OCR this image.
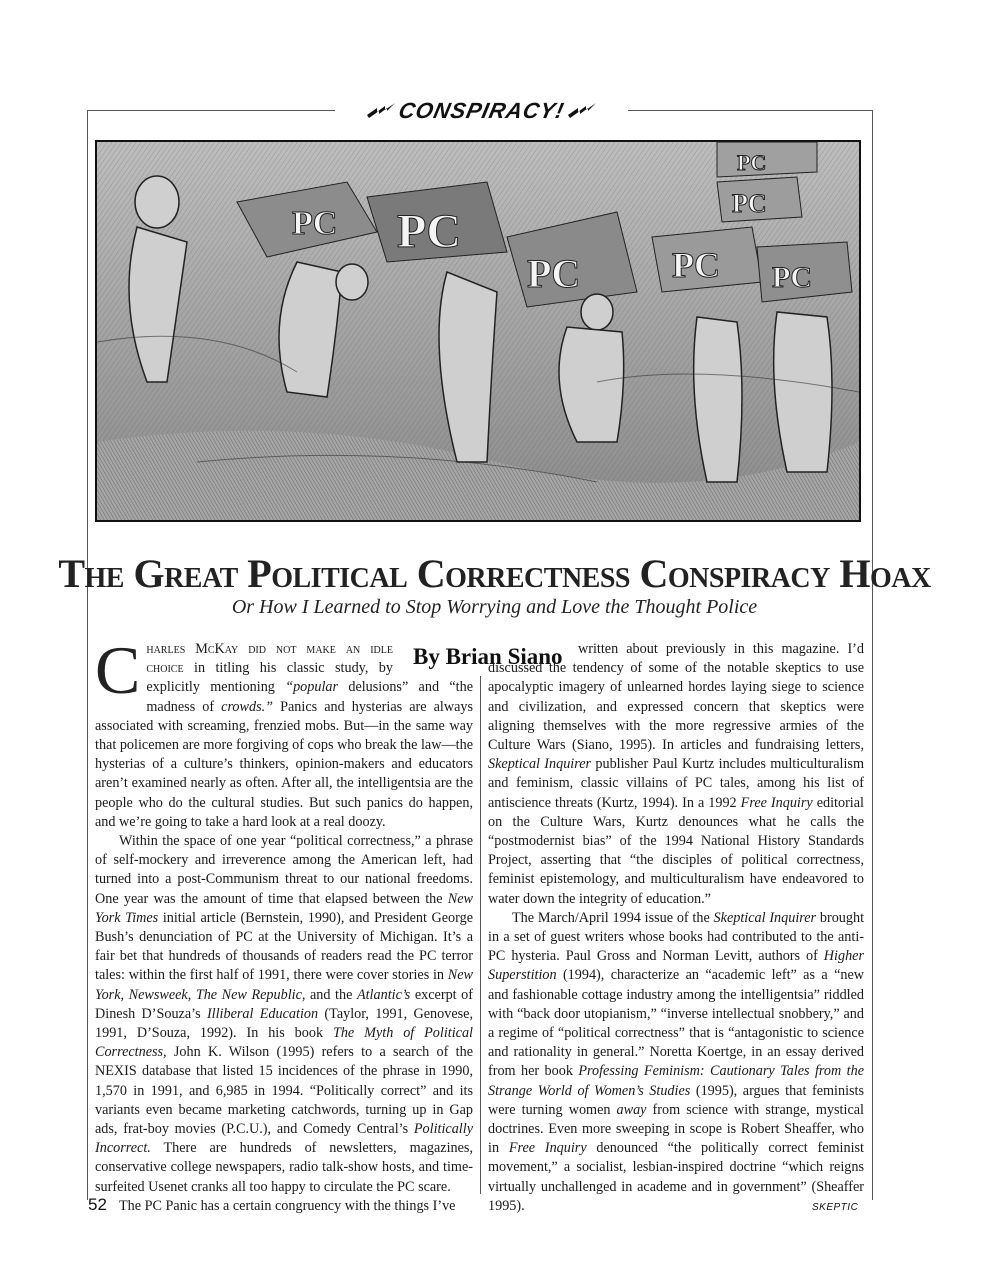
CONSPIRACY!
PC PC
PC	PC PC
PC
PC
The Great Political Correctness Conspiracy Hoax
Or How I Learned to Stop Worrying and Love the Thought Police
By Brian Siano

Charles McKay did not make an idle choice in titling his classic study, by explicitly mentioning “popular delusions” and “the madness of crowds.” Panics and hysterias are always associated with screaming, frenzied mobs. But—in the same way that policemen are more forgiving of cops who break the law—the hysterias of a culture’s thinkers, opinion-makers and educators aren’t examined nearly as often. After all, the intelligentsia are the people who do the cultural studies. But such panics do happen, and we’re going to take a hard look at a real doozy.

Within the space of one year “political correctness,” a phrase of self-mockery and irreverence among the American left, had turned into a post-Communism threat to our national freedoms. One year was the amount of time that elapsed between the New York Times initial article (Bernstein, 1990), and President George Bush’s denunciation of PC at the University of Michigan. It’s a fair bet that hundreds of thousands of readers read the PC terror tales: within the first half of 1991, there were cover stories in New York, Newsweek, The New Republic, and the Atlantic’s excerpt of Dinesh D’Souza’s Illiberal Education (Taylor, 1991, Genovese, 1991, D’Souza, 1992). In his book The Myth of Political Correctness, John K. Wilson (1995) refers to a search of the NEXIS database that listed 15 incidences of the phrase in 1990, 1,570 in 1991, and 6,985 in 1994. “Politically correct” and its variants even became marketing catchwords, turning up in Gap ads, frat-boy movies (P.C.U.), and Comedy Central’s Politically Incorrect. There are hundreds of newsletters, magazines, conservative college newspapers, radio talk-show hosts, and time-surfeited Usenet cranks all too happy to circulate the PC scare.

The PC Panic has a certain congruency with the things I’ve

written about previously in this magazine. I’d discussed the tendency of some of the notable skeptics to use apocalyptic imagery of unlearned hordes laying siege to science and civilization, and expressed concern that skeptics were aligning themselves with the more regressive armies of the Culture Wars (Siano, 1995). In articles and fundraising letters, Skeptical Inquirer publisher Paul Kurtz includes multiculturalism and feminism, classic villains of PC tales, among his list of antiscience threats (Kurtz, 1994). In a 1992 Free Inquiry editorial on the Culture Wars, Kurtz denounces what he calls the “postmodernist bias” of the 1994 National History Standards Project, asserting that “the disciples of political correctness, feminist epistemology, and multiculturalism have endeavored to water down the integrity of education.”

The March/April 1994 issue of the Skeptical Inquirer brought in a set of guest writers whose books had contributed to the anti-PC hysteria. Paul Gross and Norman Levitt, authors of Higher Superstition (1994), characterize an “academic left” as a “new and fashionable cottage industry among the intelligentsia” riddled with “back door utopianism,” “inverse intellectual snobbery,” and a regime of “political correctness” that is “antagonistic to science and rationality in general.” Noretta Koertge, in an essay derived from her book Professing Feminism: Cautionary Tales from the Strange World of Women’s Studies (1995), argues that feminists were turning women away from science with strange, mystical doctrines. Even more sweeping in scope is Robert Sheaffer, who in Free Inquiry denounced “the politically correct feminist movement,” a socialist, lesbian-inspired doctrine “which reigns virtually unchallenged in academe and in government” (Sheaffer 1995).

52	SKEPTIC
